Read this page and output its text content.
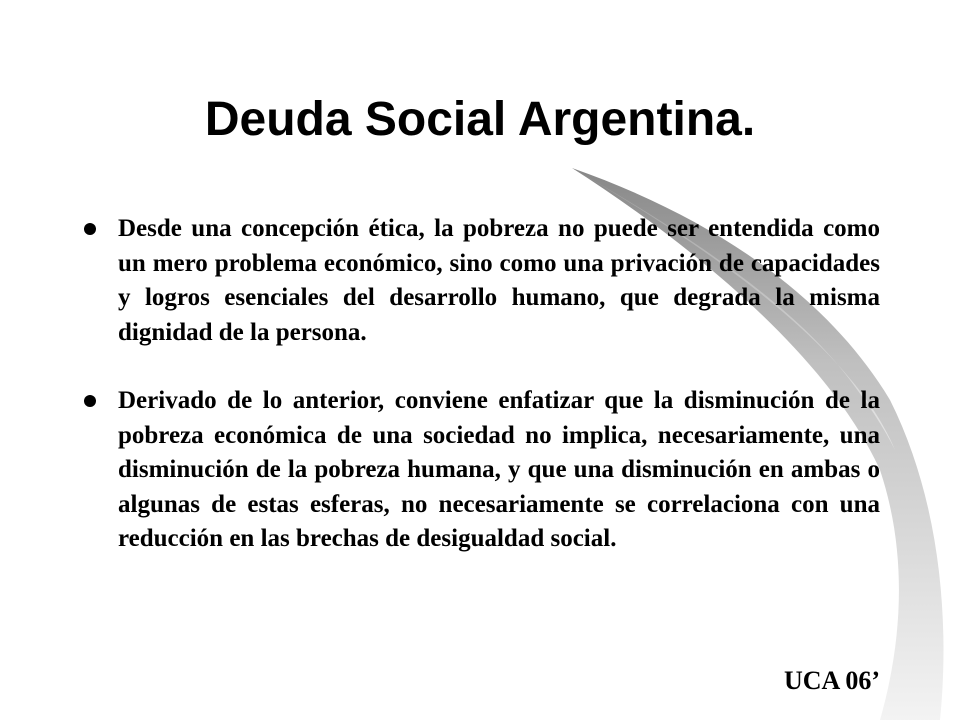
Deuda Social Argentina.
Desde una concepción ética, la pobreza no puede ser entendida como un mero problema económico, sino como una privación de capacidades y logros esenciales del desarrollo humano, que degrada la misma dignidad de la persona.
Derivado de lo anterior, conviene enfatizar que la disminución de la pobreza económica de una sociedad no implica, necesariamente, una disminución de la pobreza humana, y que una disminución en ambas o algunas de estas esferas, no necesariamente se correlaciona con una reducción en las brechas de desigualdad social.
UCA 06’
